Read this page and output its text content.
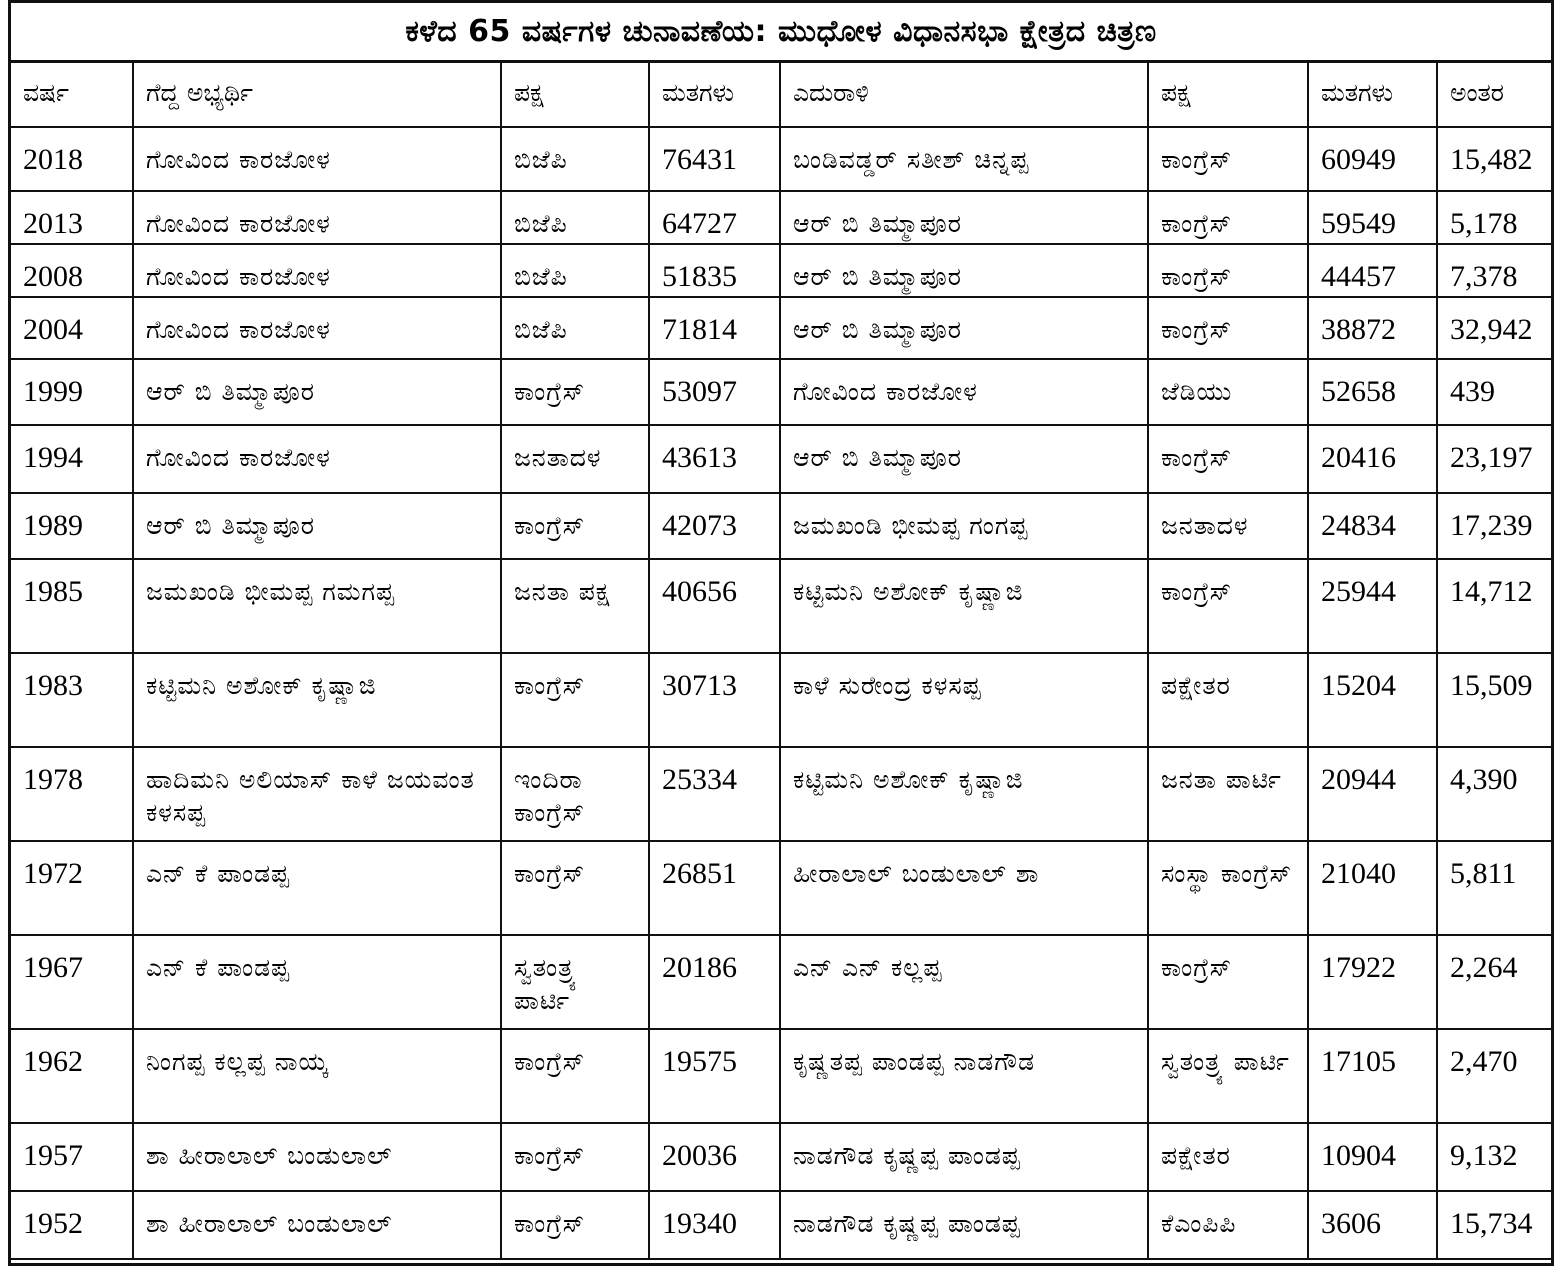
ಕಳೆದ 65 ವರ್ಷಗಳ ಚುನಾವಣೆಯ: ಮುಧೋಳ ವಿಧಾನಸಭಾ ಕ್ಷೇತ್ರದ ಚಿತ್ರಣ
ವರ್ಷ	ಗೆದ್ದ ಅಭ್ಯರ್ಥಿ	ಪಕ್ಷ	ಮತಗಳು	ಎದುರಾಳಿ	ಪಕ್ಷ	ಮತಗಳು	ಅಂತರ
2018	ಗೋವಿಂದ ಕಾರಜೋಳ	ಬಿಜೆಪಿ	76431	ಬಂಡಿವಡ್ಡರ್ ಸತೀಶ್ ಚಿನ್ನಪ್ಪ	ಕಾಂಗ್ರೆಸ್	60949	15,482
2013	ಗೋವಿಂದ ಕಾರಜೋಳ	ಬಿಜೆಪಿ	64727	ಆರ್ ಬಿ ತಿಮ್ಮಾಪೂರ	ಕಾಂಗ್ರೆಸ್	59549	5,178
2008	ಗೋವಿಂದ ಕಾರಜೋಳ	ಬಿಜೆಪಿ	51835	ಆರ್ ಬಿ ತಿಮ್ಮಾಪೂರ	ಕಾಂಗ್ರೆಸ್	44457	7,378
2004	ಗೋವಿಂದ ಕಾರಜೋಳ	ಬಿಜೆಪಿ	71814	ಆರ್ ಬಿ ತಿಮ್ಮಾಪೂರ	ಕಾಂಗ್ರೆಸ್	38872	32,942
1999	ಆರ್ ಬಿ ತಿಮ್ಮಾಪೂರ	ಕಾಂಗ್ರೆಸ್	53097	ಗೋವಿಂದ ಕಾರಜೋಳ	ಜೆಡಿಯು	52658	439
1994	ಗೋವಿಂದ ಕಾರಜೋಳ	ಜನತಾದಳ	43613	ಆರ್ ಬಿ ತಿಮ್ಮಾಪೂರ	ಕಾಂಗ್ರೆಸ್	20416	23,197
1989	ಆರ್ ಬಿ ತಿಮ್ಮಾಪೂರ	ಕಾಂಗ್ರೆಸ್	42073	ಜಮಖಂಡಿ ಭೀಮಪ್ಪ ಗಂಗಪ್ಪ	ಜನತಾದಳ	24834	17,239
1985	ಜಮಖಂಡಿ ಭೀಮಪ್ಪ ಗಮಗಪ್ಪ	ಜನತಾ ಪಕ್ಷ	40656	ಕಟ್ಟಿಮನಿ ಅಶೋಕ್ ಕೃಷ್ಣಾಜಿ	ಕಾಂಗ್ರೆಸ್	25944	14,712
1983	ಕಟ್ಟಿಮನಿ ಅಶೋಕ್ ಕೃಷ್ಣಾಜಿ	ಕಾಂಗ್ರೆಸ್	30713	ಕಾಳೆ ಸುರೇಂದ್ರ ಕಳಸಪ್ಪ	ಪಕ್ಷೇತರ	15204	15,509
1978	ಹಾದಿಮನಿ ಅಲಿಯಾಸ್ ಕಾಳೆ ಜಯವಂತ ಕಳಸಪ್ಪ	ಇಂದಿರಾ ಕಾಂಗ್ರೆಸ್	25334	ಕಟ್ಟಿಮನಿ ಅಶೋಕ್ ಕೃಷ್ಣಾಜಿ	ಜನತಾ ಪಾರ್ಟಿ	20944	4,390
1972	ಎನ್ ಕೆ ಪಾಂಡಪ್ಪ	ಕಾಂಗ್ರೆಸ್	26851	ಹೀರಾಲಾಲ್ ಬಂಡುಲಾಲ್ ಶಾ	ಸಂಸ್ಥಾ ಕಾಂಗ್ರೆಸ್	21040	5,811
1967	ಎನ್ ಕೆ ಪಾಂಡಪ್ಪ	ಸ್ವತಂತ್ರ್ಯ ಪಾರ್ಟಿ	20186	ಎನ್ ಎನ್ ಕಲ್ಲಪ್ಪ	ಕಾಂಗ್ರೆಸ್	17922	2,264
1962	ನಿಂಗಪ್ಪ ಕಲ್ಲಪ್ಪ ನಾಯ್ಕ	ಕಾಂಗ್ರೆಸ್	19575	ಕೃಷ್ಣತಪ್ಪ ಪಾಂಡಪ್ಪ ನಾಡಗೌಡ	ಸ್ವತಂತ್ರ್ಯ ಪಾರ್ಟಿ	17105	2,470
1957	ಶಾ ಹೀರಾಲಾಲ್ ಬಂಡುಲಾಲ್	ಕಾಂಗ್ರೆಸ್	20036	ನಾಡಗೌಡ ಕೃಷ್ಣಪ್ಪ ಪಾಂಡಪ್ಪ	ಪಕ್ಷೇತರ	10904	9,132
1952	ಶಾ ಹೀರಾಲಾಲ್ ಬಂಡುಲಾಲ್	ಕಾಂಗ್ರೆಸ್	19340	ನಾಡಗೌಡ ಕೃಷ್ಣಪ್ಪ ಪಾಂಡಪ್ಪ	ಕೆಎಂಪಿಪಿ	3606	15,734
